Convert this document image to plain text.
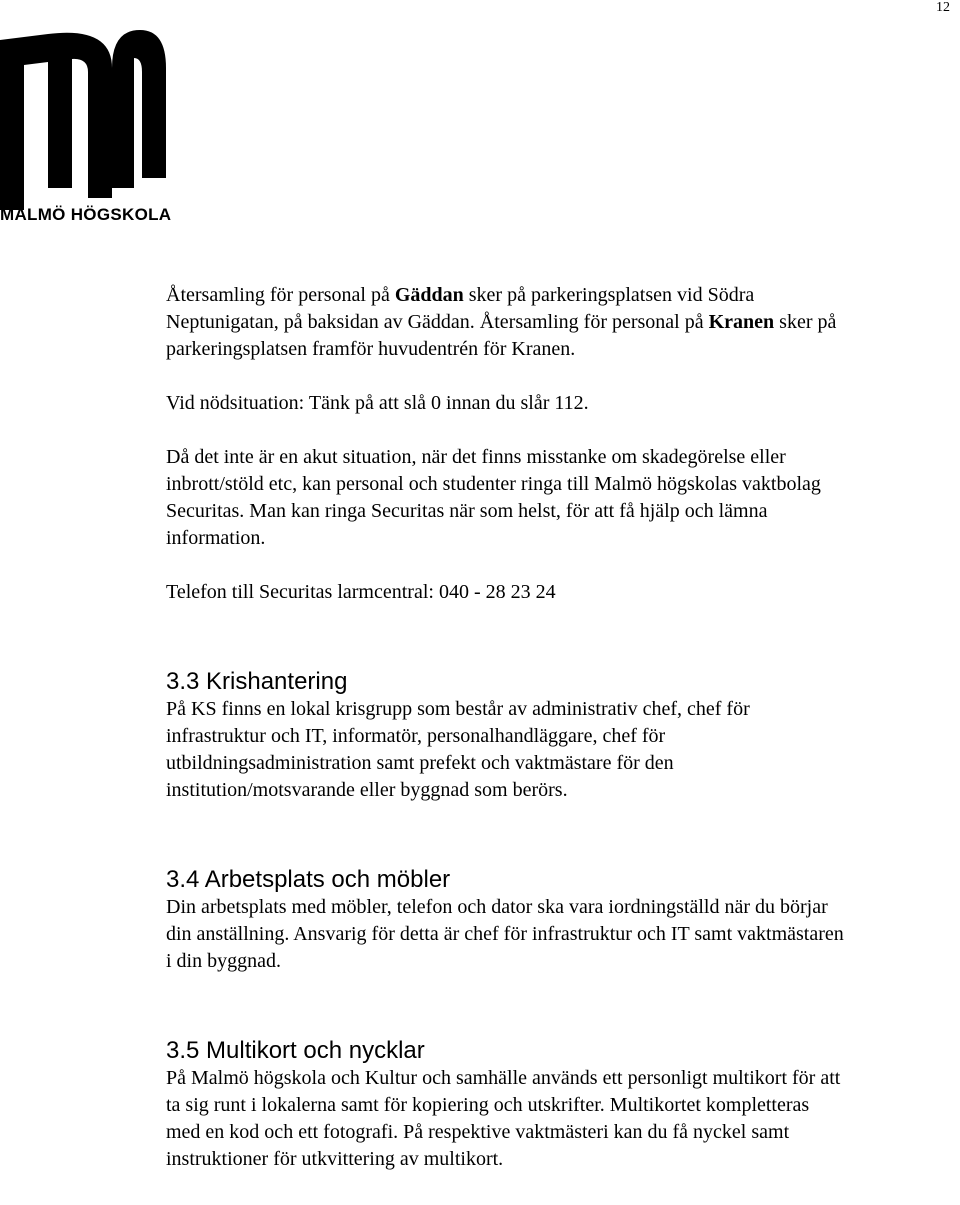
12
MALMÖ HÖGSKOLA

Återsamling för personal på Gäddan sker på parkeringsplatsen vid Södra Neptunigatan, på baksidan av Gäddan. Återsamling för personal på Kranen sker på parkeringsplatsen framför huvudentrén för Kranen.

Vid nödsituation: Tänk på att slå 0 innan du slår 112.

Då det inte är en akut situation, när det finns misstanke om skadegörelse eller inbrott/stöld etc, kan personal och studenter ringa till Malmö högskolas vaktbolag Securitas. Man kan ringa Securitas när som helst, för att få hjälp och lämna information.

Telefon till Securitas larmcentral: 040 - 28 23 24

3.3 Krishantering

På KS finns en lokal krisgrupp som består av administrativ chef, chef för infrastruktur och IT, informatör, personalhandläggare, chef för utbildningsadministration samt prefekt och vaktmästare för den institution/motsvarande eller byggnad som berörs.

3.4 Arbetsplats och möbler

Din arbetsplats med möbler, telefon och dator ska vara iordningställd när du börjar din anställning. Ansvarig för detta är chef för infrastruktur och IT samt vaktmästaren i din byggnad.

3.5 Multikort och nycklar

På Malmö högskola och Kultur och samhälle används ett personligt multikort för att ta sig runt i lokalerna samt för kopiering och utskrifter. Multikortet kompletteras med en kod och ett fotografi. På respektive vaktmästeri kan du få nyckel samt instruktioner för utkvittering av multikort.
